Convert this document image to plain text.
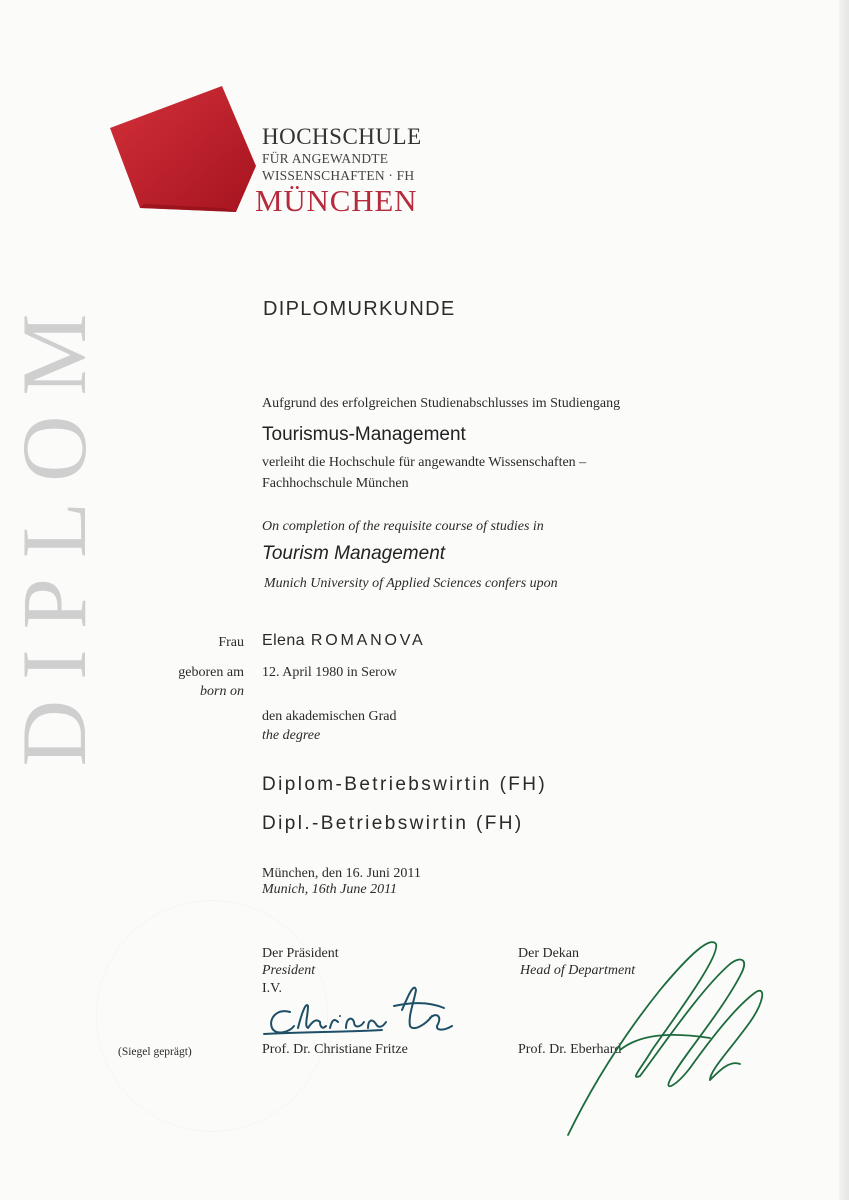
HOCHSCHULE
FÜR ANGEWANDTE
WISSENSCHAFTEN · FH
MÜNCHEN
DIPLOM	DIPLOMURKUNDE
Aufgrund des erfolgreichen Studienabschlusses im Studiengang
Tourismus-Management
verleiht die Hochschule für angewandte Wissenschaften –
Fachhochschule München
On completion of the requisite course of studies in
Tourism Management
Munich University of Applied Sciences confers upon
Frau Elena ROMANOVA
geboren am
born on
12. April 1980 in Serow
den akademischen Grad
the degree
Diplom-Betriebswirtin (FH)
Dipl.-Betriebswirtin (FH)
München, den 16. Juni 2011
Munich, 16th June 2011
Der Präsident
President
I.V.
Prof. Dr. Christiane Fritze
Der Dekan
Head of Department
Prof. Dr. Eberhard
(Siegel geprägt)
